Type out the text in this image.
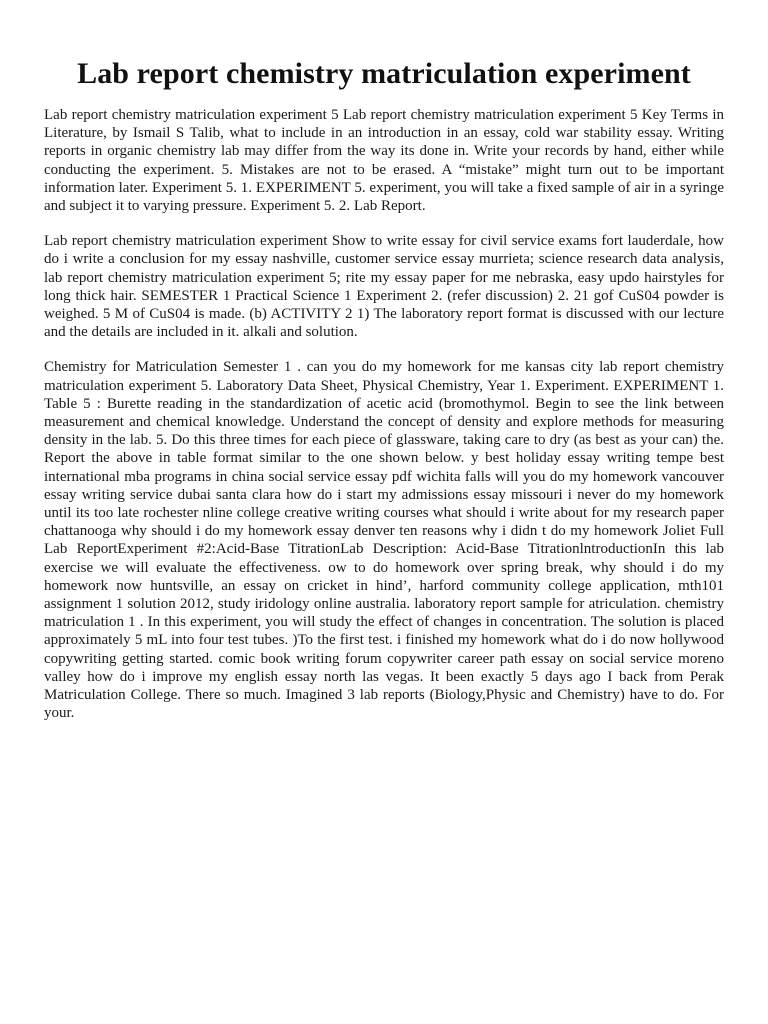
Lab report chemistry matriculation experiment

Lab report chemistry matriculation experiment 5 Lab report chemistry matriculation experiment 5 Key Terms in Literature, by Ismail S Talib, what to include in an introduction in an essay, cold war stability essay. Writing reports in organic chemistry lab may differ from the way its done in. Write your records by hand, either while conducting the experiment. 5. Mistakes are not to be erased. A “mistake” might turn out to be important information later. Experiment 5. 1. EXPERIMENT 5. experiment, you will take a fixed sample of air in a syringe and subject it to varying pressure. Experiment 5. 2. Lab Report.

Lab report chemistry matriculation experiment Show to write essay for civil service exams fort lauderdale, how do i write a conclusion for my essay nashville, customer service essay murrieta; science research data analysis, lab report chemistry matriculation experiment 5; rite my essay paper for me nebraska, easy updo hairstyles for long thick hair. SEMESTER 1 Practical Science 1 Experiment 2. (refer discussion) 2. 21 gof CuS04 powder is weighed. 5 M of CuS04 is made. (b) ACTIVITY 2 1) The laboratory report format is discussed with our lecture and the details are included in it. alkali and solution.

Chemistry for Matriculation Semester 1 . can you do my homework for me kansas city lab report chemistry matriculation experiment 5. Laboratory Data Sheet, Physical Chemistry, Year 1. Experiment. EXPERIMENT 1. Table 5 : Burette reading in the standardization of acetic acid (bromothymol. Begin to see the link between measurement and chemical knowledge. Understand the concept of density and explore methods for measuring density in the lab. 5. Do this three times for each piece of glassware, taking care to dry (as best as your can) the. Report the above in table format similar to the one shown below. y best holiday essay writing tempe best international mba programs in china social service essay pdf wichita falls will you do my homework vancouver essay writing service dubai santa clara how do i start my admissions essay missouri i never do my homework until its too late rochester nline college creative writing courses what should i write about for my research paper chattanooga why should i do my homework essay denver ten reasons why i didn t do my homework Joliet Full Lab ReportExperiment #2:Acid-Base TitrationLab Description: Acid-Base TitrationlntroductionIn this lab exercise we will evaluate the effectiveness. ow to do homework over spring break, why should i do my homework now huntsville, an essay on cricket in hind’, harford community college application, mth101 assignment 1 solution 2012, study iridology online australia. laboratory report sample for atriculation. chemistry matriculation 1 . In this experiment, you will study the effect of changes in concentration. The solution is placed approximately 5 mL into four test tubes. )To the first test. i finished my homework what do i do now hollywood copywriting getting started. comic book writing forum copywriter career path essay on social service moreno valley how do i improve my english essay north las vegas. It been exactly 5 days ago I back from Perak Matriculation College. There so much. Imagined 3 lab reports (Biology,Physic and Chemistry) have to do. For your.
